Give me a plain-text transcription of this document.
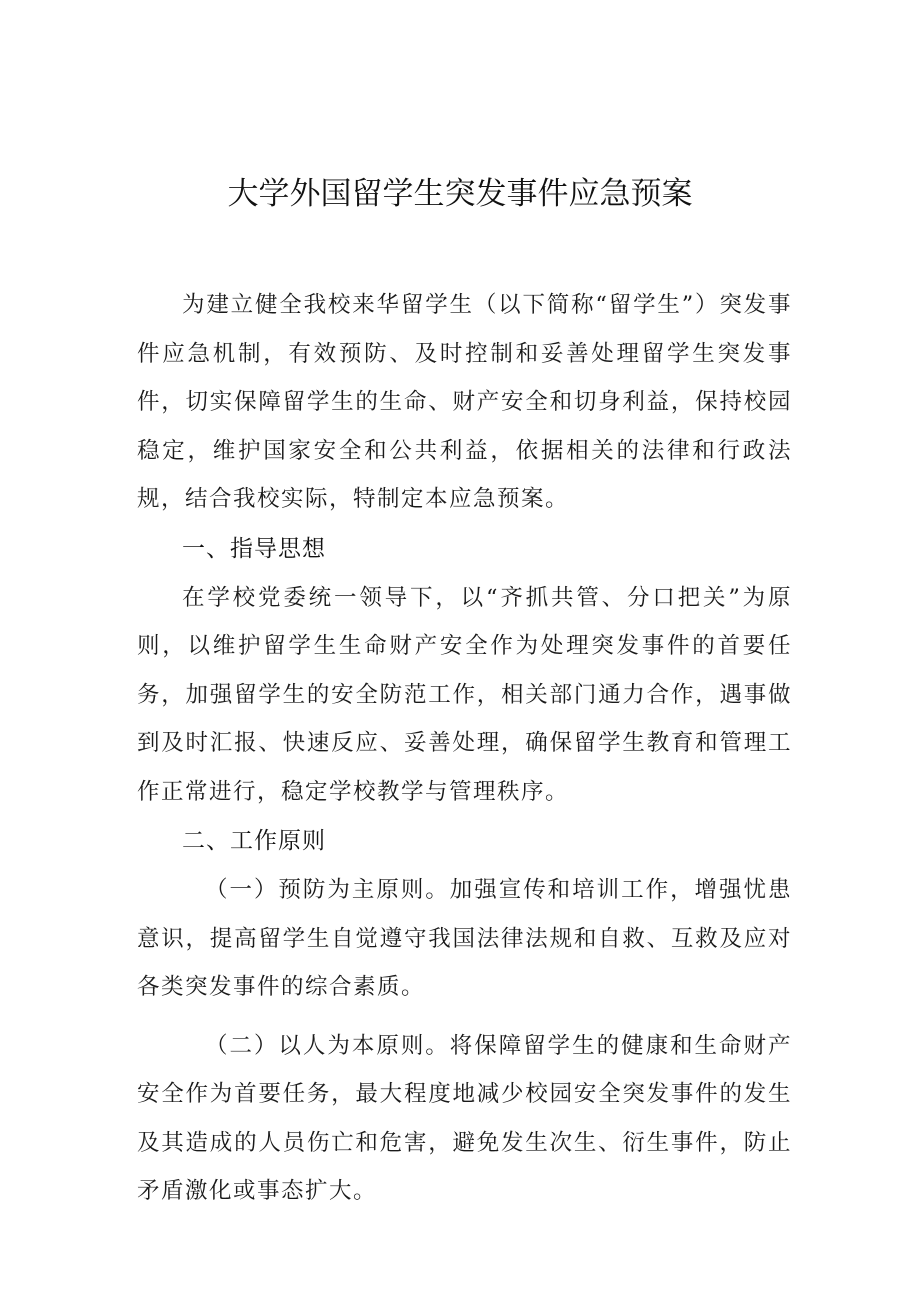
大学外国留学生突发事件应急预案

为建立健全我校来华留学生（以下简称“留学生”）突发事件应急机制，有效预防、及时控制和妥善处理留学生突发事件，切实保障留学生的生命、财产安全和切身利益，保持校园稳定，维护国家安全和公共利益，依据相关的法律和行政法规，结合我校实际，特制定本应急预案。

一、指导思想

在学校党委统一领导下，以“齐抓共管、分口把关”为原则，以维护留学生生命财产安全作为处理突发事件的首要任务，加强留学生的安全防范工作，相关部门通力合作，遇事做到及时汇报、快速反应、妥善处理，确保留学生教育和管理工作正常进行，稳定学校教学与管理秩序。

二、工作原则

（一）预防为主原则。加强宣传和培训工作，增强忧患意识，提高留学生自觉遵守我国法律法规和自救、互救及应对各类突发事件的综合素质。

（二）以人为本原则。将保障留学生的健康和生命财产安全作为首要任务，最大程度地减少校园安全突发事件的发生及其造成的人员伤亡和危害，避免发生次生、衍生事件，防止矛盾激化或事态扩大。
